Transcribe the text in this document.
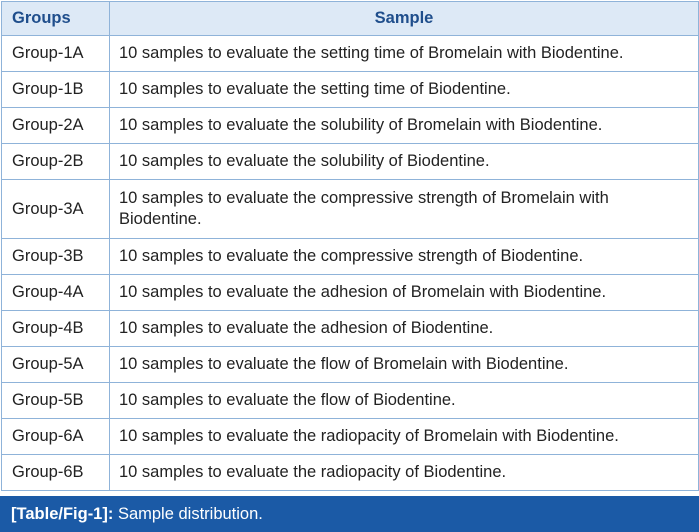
Groups	Sample
Group-1A	10 samples to evaluate the setting time of Bromelain with Biodentine.
Group-1B	10 samples to evaluate the setting time of Biodentine.
Group-2A	10 samples to evaluate the solubility of Bromelain with Biodentine.
Group-2B	10 samples to evaluate the solubility of Biodentine.
Group-3A	10 samples to evaluate the compressive strength of Bromelain with Biodentine.
Group-3B	10 samples to evaluate the compressive strength of Biodentine.
Group-4A	10 samples to evaluate the adhesion of Bromelain with Biodentine.
Group-4B	10 samples to evaluate the adhesion of Biodentine.
Group-5A	10 samples to evaluate the flow of Bromelain with Biodentine.
Group-5B	10 samples to evaluate the flow of Biodentine.
Group-6A	10 samples to evaluate the radiopacity of Bromelain with Biodentine.
Group-6B	10 samples to evaluate the radiopacity of Biodentine.
[Table/Fig-1]: Sample distribution.
